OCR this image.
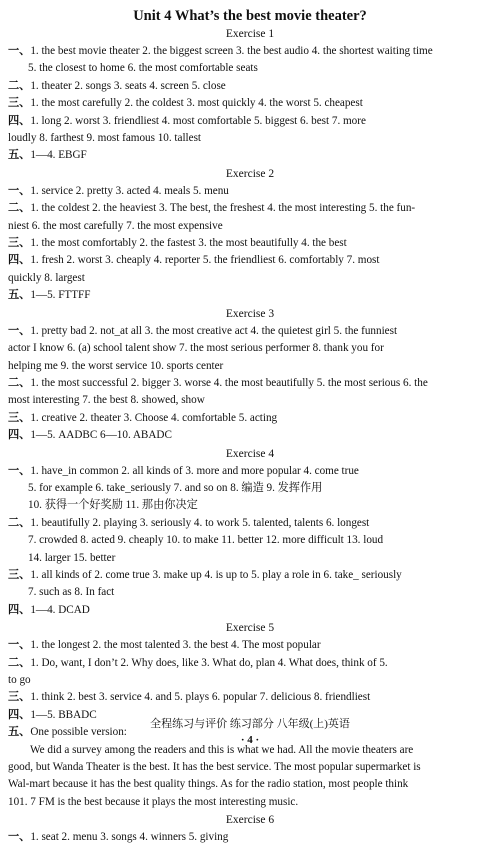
Unit 4 What’s the best movie theater?

Exercise 1

一、1. the best movie theater 2. the biggest screen 3. the best audio 4. the shortest waiting time

5. the closest to home 6. the most comfortable seats

二、1. theater 2. songs 3. seats 4. screen 5. close

三、1. the most carefully 2. the coldest 3. most quickly 4. the worst 5. cheapest

四、1. long 2. worst 3. friendliest 4. most comfortable 5. biggest 6. best 7. more

loudly 8. farthest 9. most famous 10. tallest

五、1—4. EBGF

Exercise 2

一、1. service 2. pretty 3. acted 4. meals 5. menu

二、1. the coldest 2. the heaviest 3. The best, the freshest 4. the most interesting 5. the fun-

niest 6. the most carefully 7. the most expensive

三、1. the most comfortably 2. the fastest 3. the most beautifully 4. the best

四、1. fresh 2. worst 3. cheaply 4. reporter 5. the friendliest 6. comfortably 7. most

quickly 8. largest

五、1—5. FTTFF

Exercise 3

一、1. pretty bad 2. not_at all 3. the most creative act 4. the quietest girl 5. the funniest

actor I know 6. (a) school talent show 7. the most serious performer 8. thank you for

helping me 9. the worst service 10. sports center

二、1. the most successful 2. bigger 3. worse 4. the most beautifully 5. the most serious 6. the

most interesting 7. the best 8. showed, show

三、1. creative 2. theater 3. Choose 4. comfortable 5. acting

四、1—5. AADBC 6—10. ABADC

Exercise 4

一、1. have_in common 2. all kinds of 3. more and more popular 4. come true

5. for example 6. take_seriously 7. and so on 8. 编造 9. 发挥作用

10. 获得一个好奖励 11. 那由你决定

二、1. beautifully 2. playing 3. seriously 4. to work 5. talented, talents 6. longest

7. crowded 8. acted 9. cheaply 10. to make 11. better 12. more difficult 13. loud

14. larger 15. better

三、1. all kinds of 2. come true 3. make up 4. is up to 5. play a role in 6. take_ seriously

7. such as 8. In fact

四、1—4. DCAD

Exercise 5

一、1. the longest 2. the most talented 3. the best 4. The most popular

二、1. Do, want, I don’t 2. Why does, like 3. What do, plan 4. What does, think of 5.

to go

三、1. think 2. best 3. service 4. and 5. plays 6. popular 7. delicious 8. friendliest

四、1—5. BBADC

五、One possible version:

We did a survey among the readers and this is what we had. All the movie theaters are

good, but Wanda Theater is the best. It has the best service. The most popular supermarket is

Wal-mart because it has the best quality things. As for the radio station, most people think

101. 7 FM is the best because it plays the most interesting music.

Exercise 6

一、1. seat 2. menu 3. songs 4. winners 5. giving

全程练习与评价 练习部分 八年级(上)英语
· 4 ·
